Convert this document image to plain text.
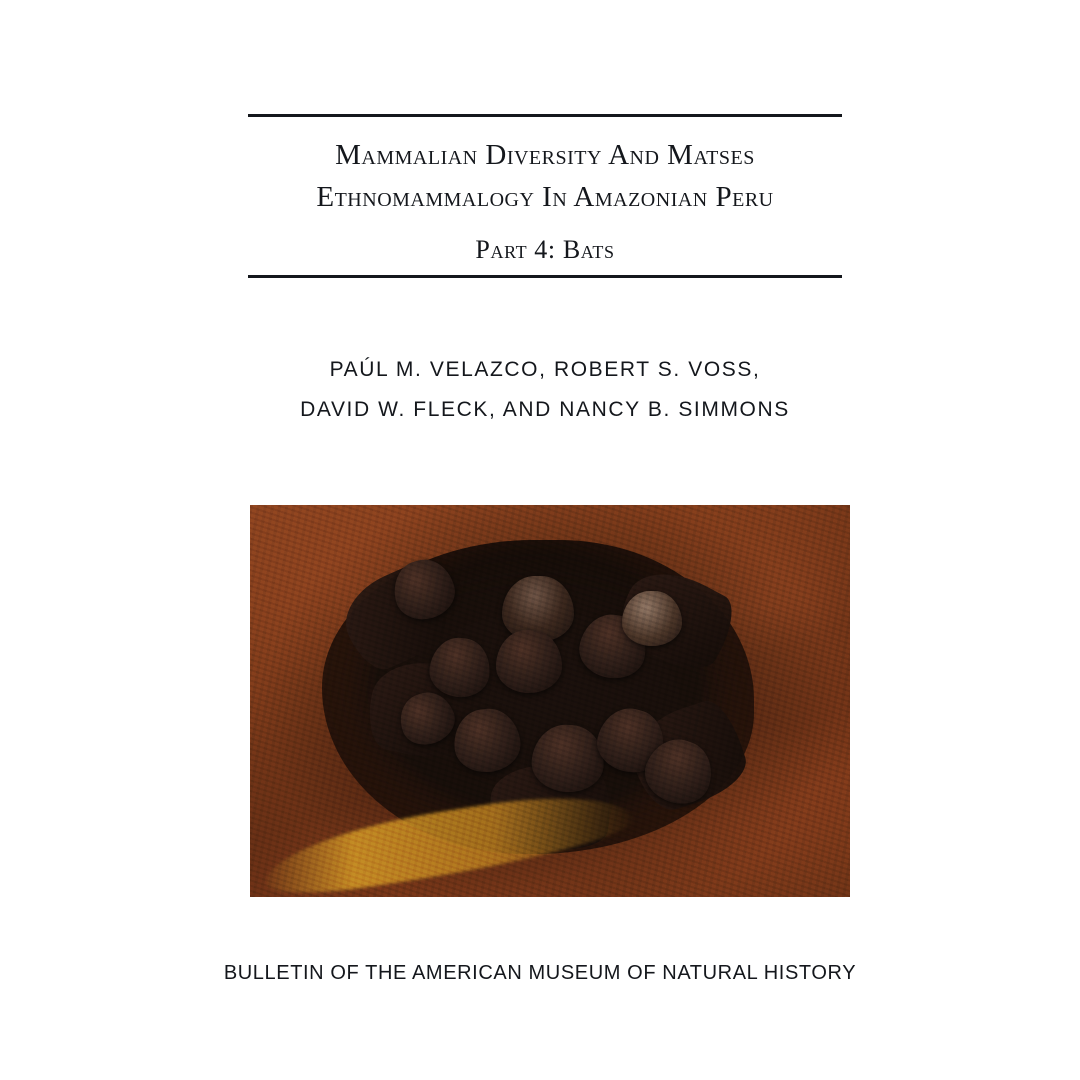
Mammalian Diversity And Matses
Ethnomammalogy In Amazonian Peru
Part 4: Bats
PAÚL M. VELAZCO, ROBERT S. VOSS,
DAVID W. FLECK, AND NANCY B. SIMMONS
BULLETIN OF THE AMERICAN MUSEUM OF NATURAL HISTORY
